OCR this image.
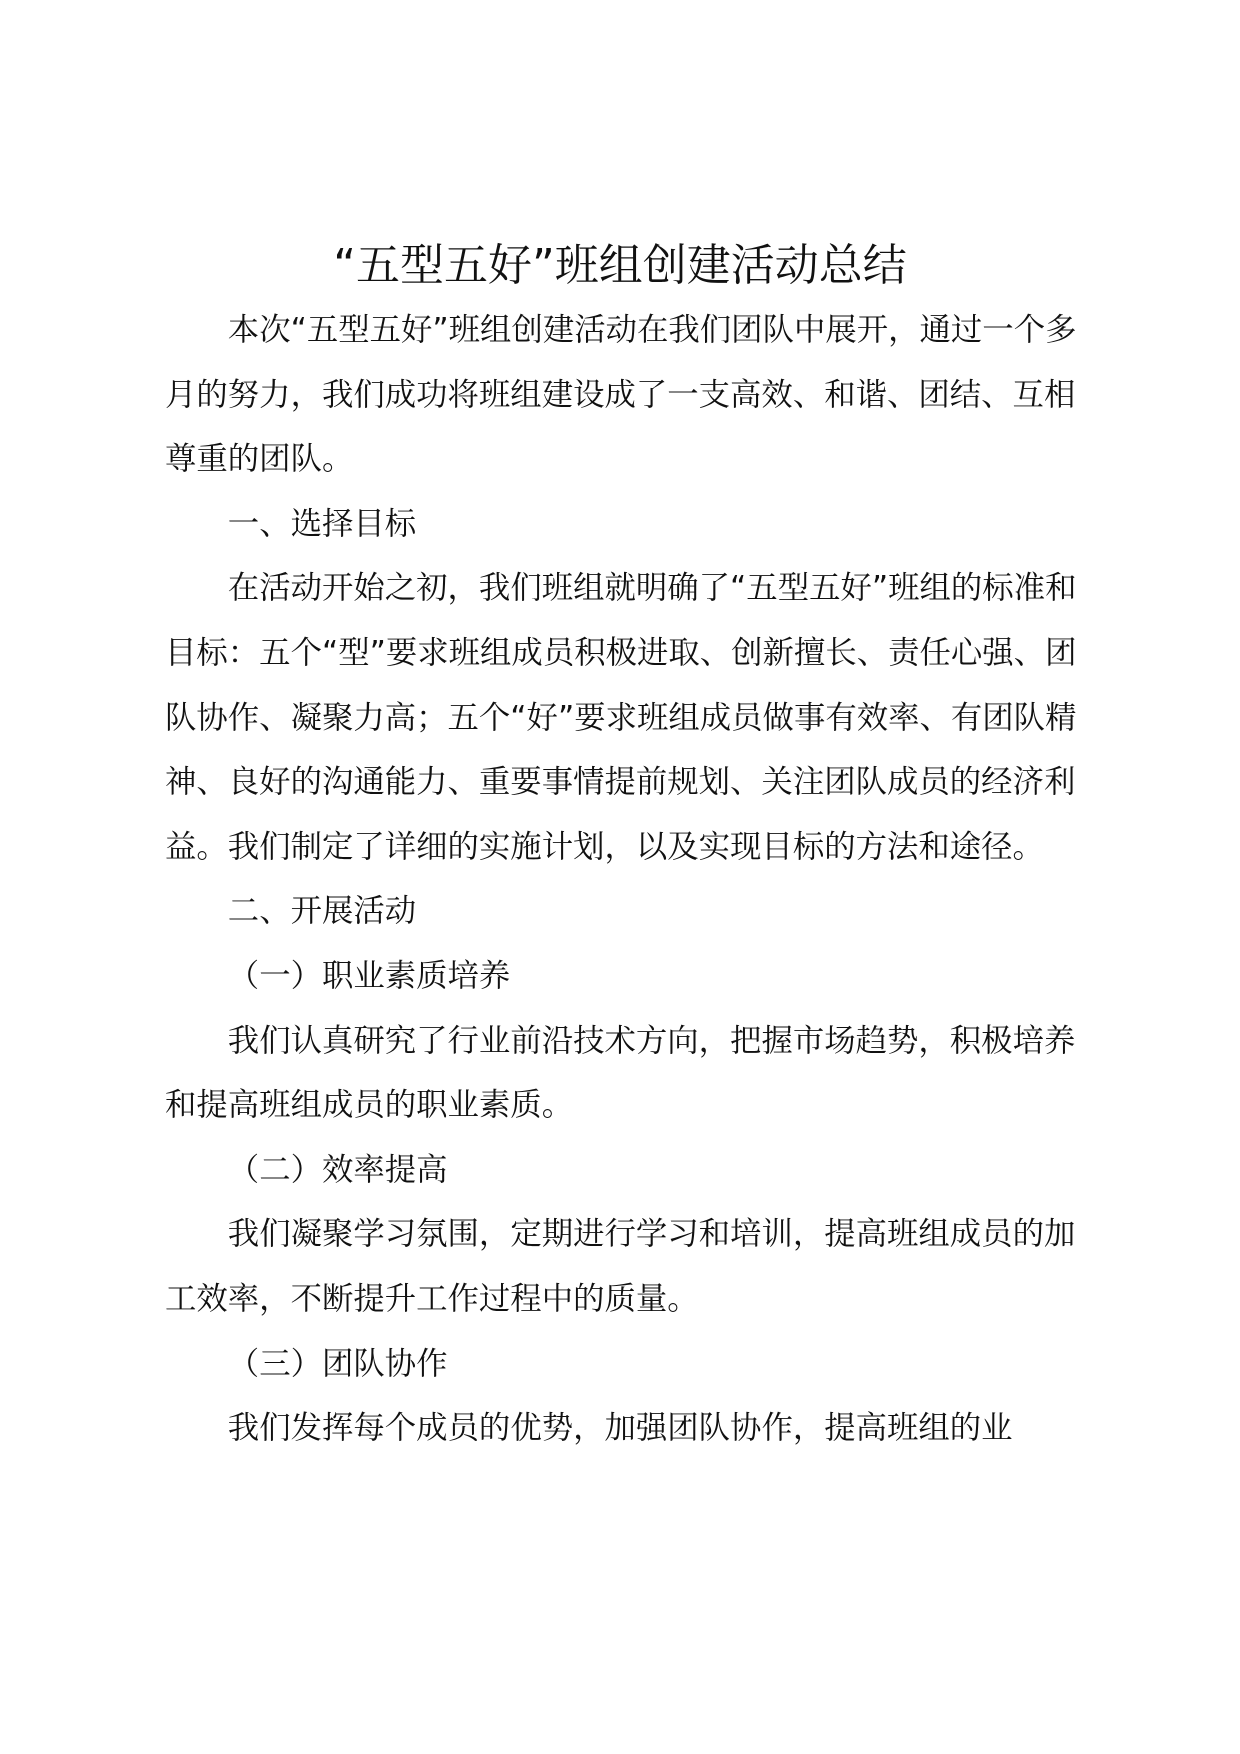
“五型五好”班组创建活动总结

本次“五型五好”班组创建活动在我们团队中展开，通过一个多月的努力，我们成功将班组建设成了一支高效、和谐、团结、互相尊重的团队。

一、选择目标

在活动开始之初，我们班组就明确了“五型五好”班组的标准和目标：五个“型”要求班组成员积极进取、创新擅长、责任心强、团队协作、凝聚力高；五个“好”要求班组成员做事有效率、有团队精神、良好的沟通能力、重要事情提前规划、关注团队成员的经济利益。我们制定了详细的实施计划，以及实现目标的方法和途径。

二、开展活动

（一）职业素质培养

我们认真研究了行业前沿技术方向，把握市场趋势，积极培养和提高班组成员的职业素质。

（二）效率提高

我们凝聚学习氛围，定期进行学习和培训，提高班组成员的加工效率，不断提升工作过程中的质量。

（三）团队协作

我们发挥每个成员的优势，加强团队协作，提高班组的业
